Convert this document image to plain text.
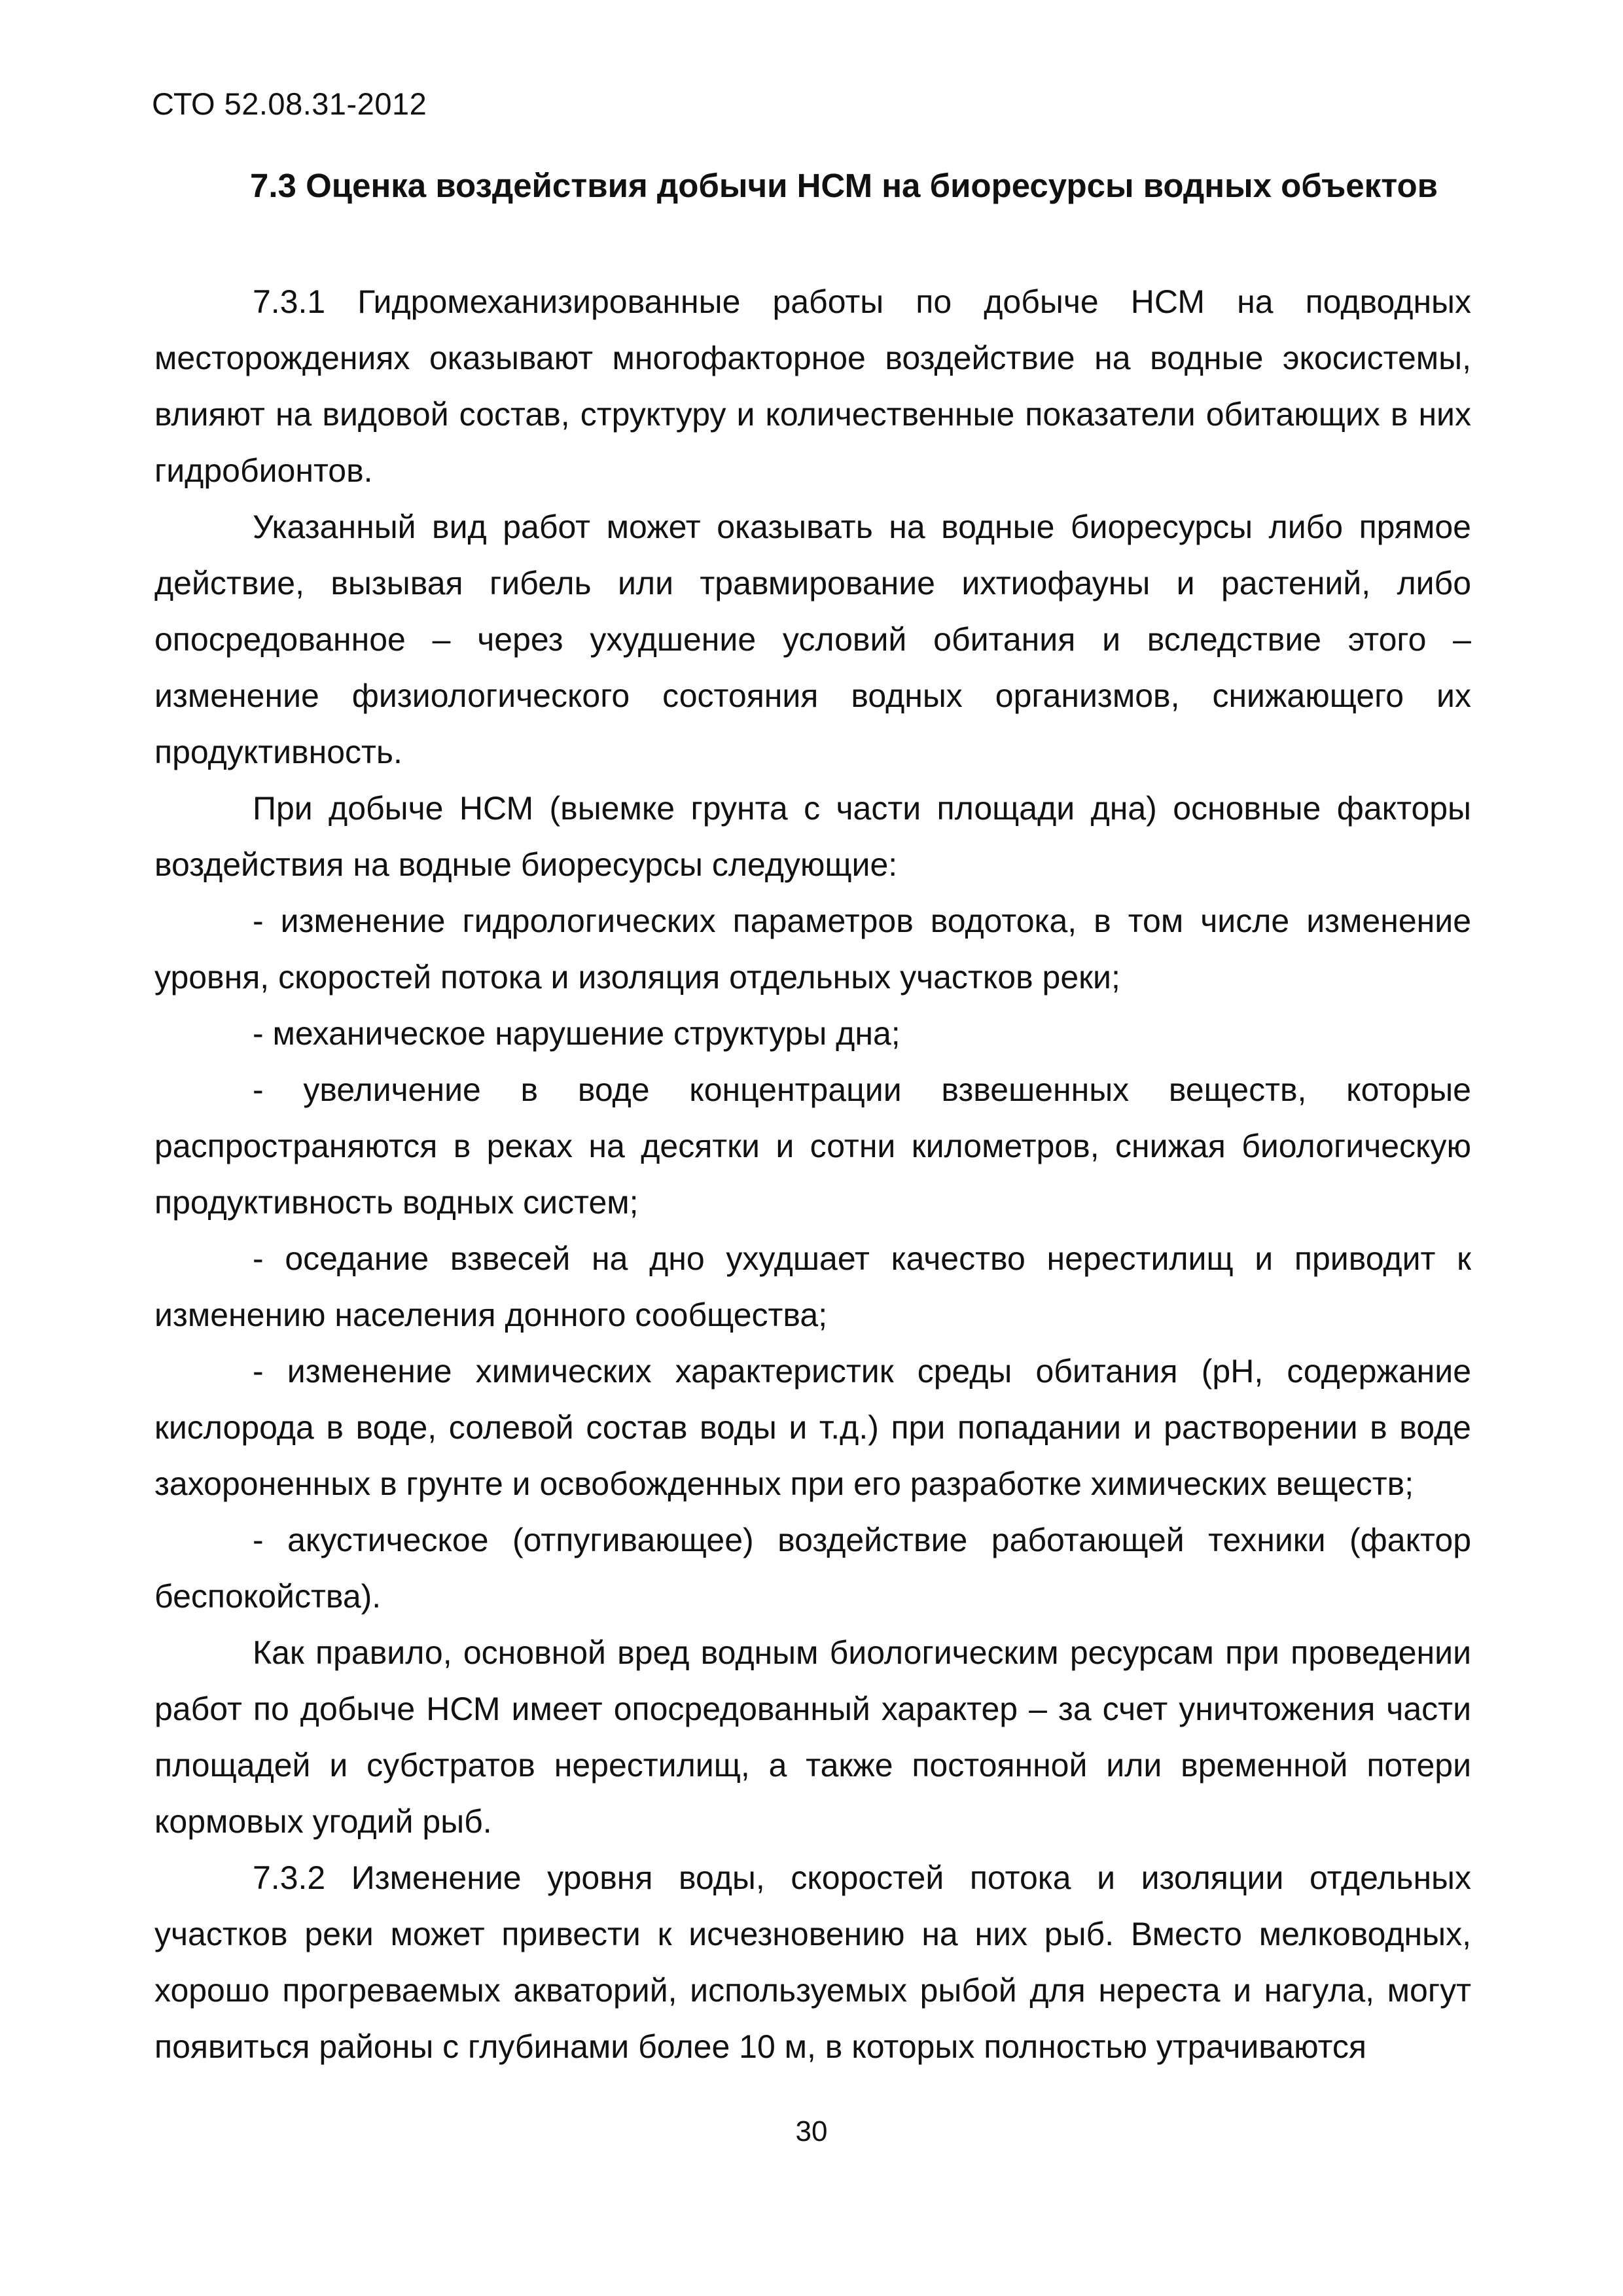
СТО 52.08.31-2012
7.3 Оценка воздействия добычи НСМ на биоресурсы водных объектов

7.3.1 Гидромеханизированные работы по добыче НСМ на подводных месторождениях оказывают многофакторное воздействие на водные экосистемы, влияют на видовой состав, структуру и количественные показатели обитающих в них гидробионтов.

Указанный вид работ может оказывать на водные биоресурсы либо прямое действие, вызывая гибель или травмирование ихтиофауны и растений, либо опосредованное – через ухудшение условий обитания и вследствие этого – изменение физиологического состояния водных организмов, снижающего их продуктивность.

При добыче НСМ (выемке грунта с части площади дна) основные факторы воздействия на водные биоресурсы следующие:

- изменение гидрологических параметров водотока, в том числе изменение уровня, скоростей потока и изоляция отдельных участков реки;

- механическое нарушение структуры дна;

- увеличение в воде концентрации взвешенных веществ, которые распространяются в реках на десятки и сотни километров, снижая биологическую продуктивность водных систем;

- оседание взвесей на дно ухудшает качество нерестилищ и приводит к изменению населения донного сообщества;

- изменение химических характеристик среды обитания (pH, содержание кислорода в воде, солевой состав воды и т.д.) при попадании и растворении в воде захороненных в грунте и освобожденных при его разработке химических веществ;

- акустическое (отпугивающее) воздействие работающей техники (фактор беспокойства).

Как правило, основной вред водным биологическим ресурсам при проведении работ по добыче НСМ имеет опосредованный характер – за счет уничтожения части площадей и субстратов нерестилищ, а также постоянной или временной потери кормовых угодий рыб.

7.3.2 Изменение уровня воды, скоростей потока и изоляции отдельных участков реки может привести к исчезновению на них рыб. Вместо мелководных, хорошо прогреваемых акваторий, используемых рыбой для нереста и нагула, могут появиться районы с глубинами более 10 м, в которых полностью утрачиваются

30
